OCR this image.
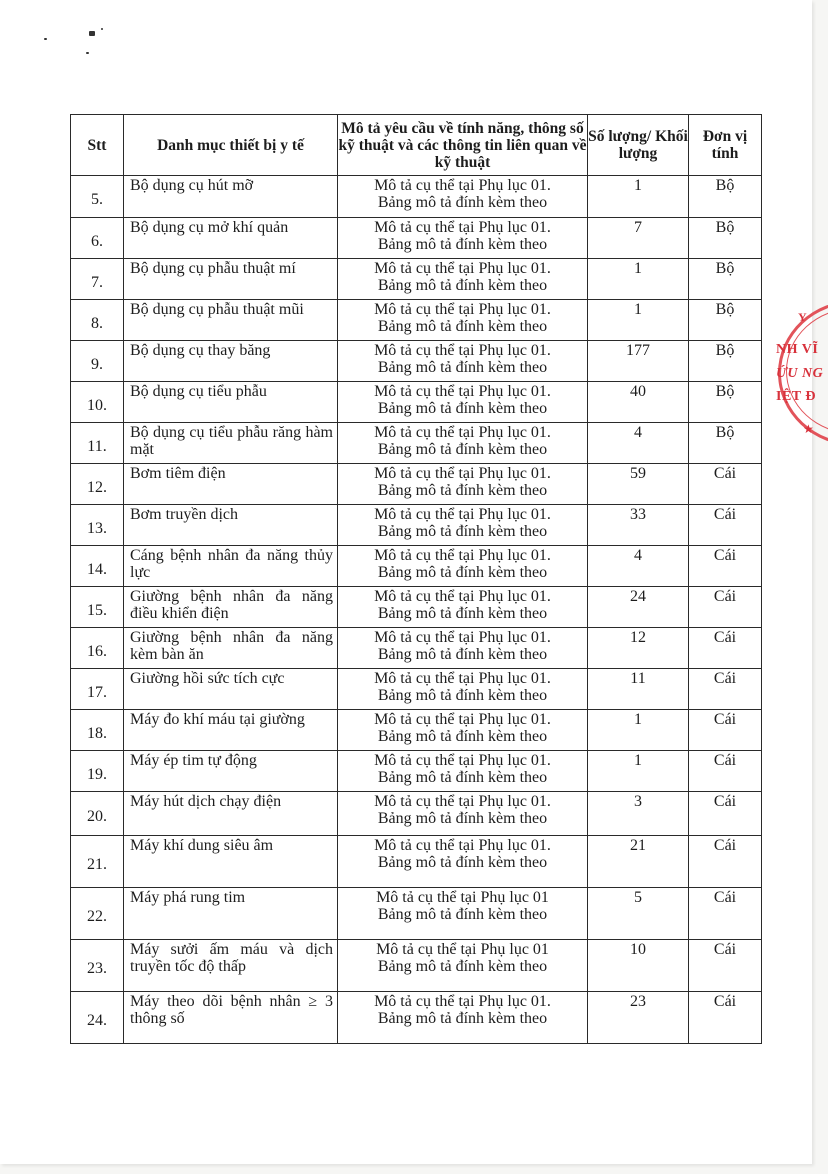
Stt	Danh mục thiết bị y tế	Mô tả yêu cầu về tính năng, thông số kỹ thuật và các thông tin liên quan về kỹ thuật	Số lượng/ Khối lượng	Đơn vị tính
5.	Bộ dụng cụ hút mỡ	Mô tả cụ thể tại Phụ lục 01.
Bảng mô tả đính kèm theo	1	Bộ
6.	Bộ dụng cụ mở khí quản	Mô tả cụ thể tại Phụ lục 01.
Bảng mô tả đính kèm theo	7	Bộ
7.	Bộ dụng cụ phẫu thuật mí	Mô tả cụ thể tại Phụ lục 01.
Bảng mô tả đính kèm theo	1	Bộ
8.	Bộ dụng cụ phẫu thuật mũi	Mô tả cụ thể tại Phụ lục 01.
Bảng mô tả đính kèm theo	1	Bộ
9.	Bộ dụng cụ thay băng	Mô tả cụ thể tại Phụ lục 01.
Bảng mô tả đính kèm theo	177	Bộ
10.	Bộ dụng cụ tiểu phẫu	Mô tả cụ thể tại Phụ lục 01.
Bảng mô tả đính kèm theo	40	Bộ
11.	Bộ dụng cụ tiểu phẫu răng hàm mặt	Mô tả cụ thể tại Phụ lục 01.
Bảng mô tả đính kèm theo	4	Bộ
12.	Bơm tiêm điện	Mô tả cụ thể tại Phụ lục 01.
Bảng mô tả đính kèm theo	59	Cái
13.	Bơm truyền dịch	Mô tả cụ thể tại Phụ lục 01.
Bảng mô tả đính kèm theo	33	Cái
14.	Cáng bệnh nhân đa năng thủy lực	Mô tả cụ thể tại Phụ lục 01.
Bảng mô tả đính kèm theo	4	Cái
15.	Giường bệnh nhân đa năng điều khiển điện	Mô tả cụ thể tại Phụ lục 01.
Bảng mô tả đính kèm theo	24	Cái
16.	Giường bệnh nhân đa năng kèm bàn ăn	Mô tả cụ thể tại Phụ lục 01.
Bảng mô tả đính kèm theo	12	Cái
17.	Giường hồi sức tích cực	Mô tả cụ thể tại Phụ lục 01.
Bảng mô tả đính kèm theo	11	Cái
18.	Máy đo khí máu tại giường	Mô tả cụ thể tại Phụ lục 01.
Bảng mô tả đính kèm theo	1	Cái
19.	Máy ép tim tự động	Mô tả cụ thể tại Phụ lục 01.
Bảng mô tả đính kèm theo	1	Cái
20.	Máy hút dịch chạy điện	Mô tả cụ thể tại Phụ lục 01.
Bảng mô tả đính kèm theo	3	Cái
21.	Máy khí dung siêu âm	Mô tả cụ thể tại Phụ lục 01.
Bảng mô tả đính kèm theo	21	Cái
22.	Máy phá rung tim	Mô tả cụ thể tại Phụ lục 01
Bảng mô tả đính kèm theo	5	Cái
23.	Máy sưởi ấm máu và dịch truyền tốc độ thấp	Mô tả cụ thể tại Phụ lục 01
Bảng mô tả đính kèm theo	10	Cái
24.	Máy theo dõi bệnh nhân ≥ 3 thông số	Mô tả cụ thể tại Phụ lục 01.
Bảng mô tả đính kèm theo	23	Cái
Y
NH VĨ
ỨU NG
IỆT Đ
★
